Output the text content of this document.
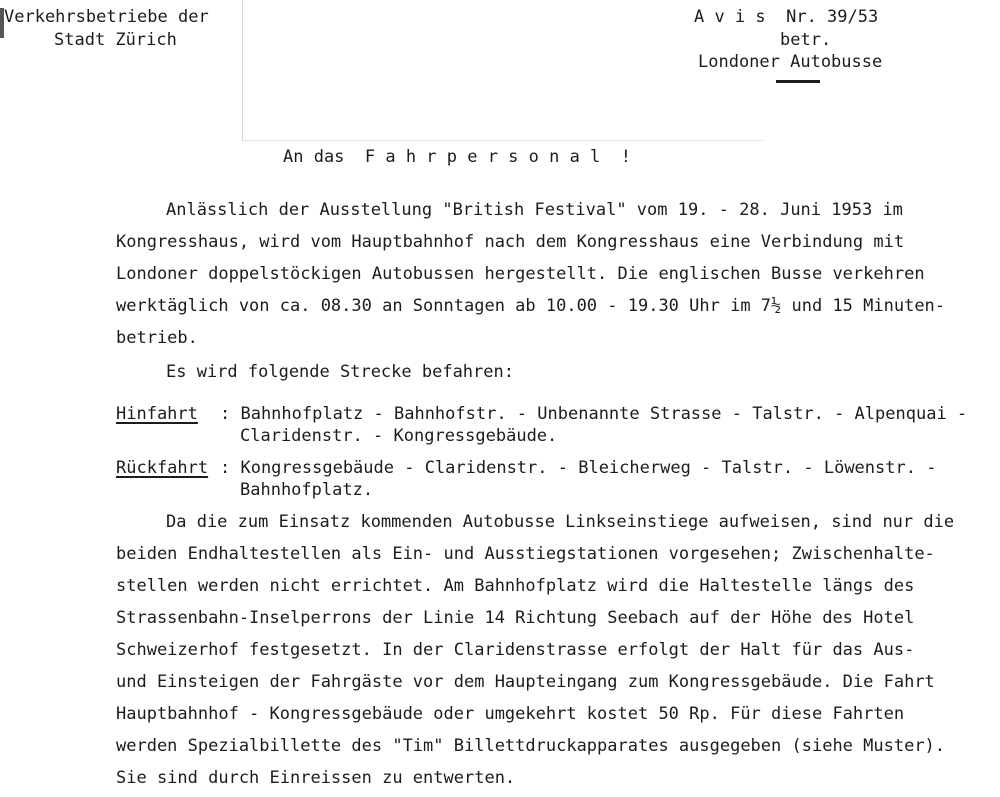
Verkehrsbetriebe der
Stadt Zürich
A v i s  Nr. 39/53
betr.
Londoner Autobusse
An das  F a h r p e r s o n a l  !
Anlässlich der Ausstellung "British Festival" vom 19. - 28. Juni 1953 im
Kongresshaus, wird vom Hauptbahnhof nach dem Kongresshaus eine Verbindung mit
Londoner doppelstöckigen Autobussen hergestellt. Die englischen Busse verkehren
werktäglich von ca. 08.30 an Sonntagen ab 10.00 - 19.30 Uhr im 7½ und 15 Minuten-
betrieb.
Es wird folgende Strecke befahren:
Hinfahrt : Bahnhofplatz - Bahnhofstr. - Unbenannte Strasse - Talstr. - Alpenquai -
Claridenstr. - Kongressgebäude.
Rückfahrt : Kongressgebäude - Claridenstr. - Bleicherweg - Talstr. - Löwenstr. -
Bahnhofplatz.
Da die zum Einsatz kommenden Autobusse Linkseinstiege aufweisen, sind nur die
beiden Endhaltestellen als Ein- und Ausstiegstationen vorgesehen; Zwischenhalte-
stellen werden nicht errichtet. Am Bahnhofplatz wird die Haltestelle längs des
Strassenbahn-Inselperrons der Linie 14 Richtung Seebach auf der Höhe des Hotel
Schweizerhof festgesetzt. In der Claridenstrasse erfolgt der Halt für das Aus-
und Einsteigen der Fahrgäste vor dem Haupteingang zum Kongressgebäude. Die Fahrt
Hauptbahnhof - Kongressgebäude oder umgekehrt kostet 50 Rp. Für diese Fahrten
werden Spezialbillette des "Tim" Billettdruckapparates ausgegeben (siehe Muster).
Sie sind durch Einreissen zu entwerten.
